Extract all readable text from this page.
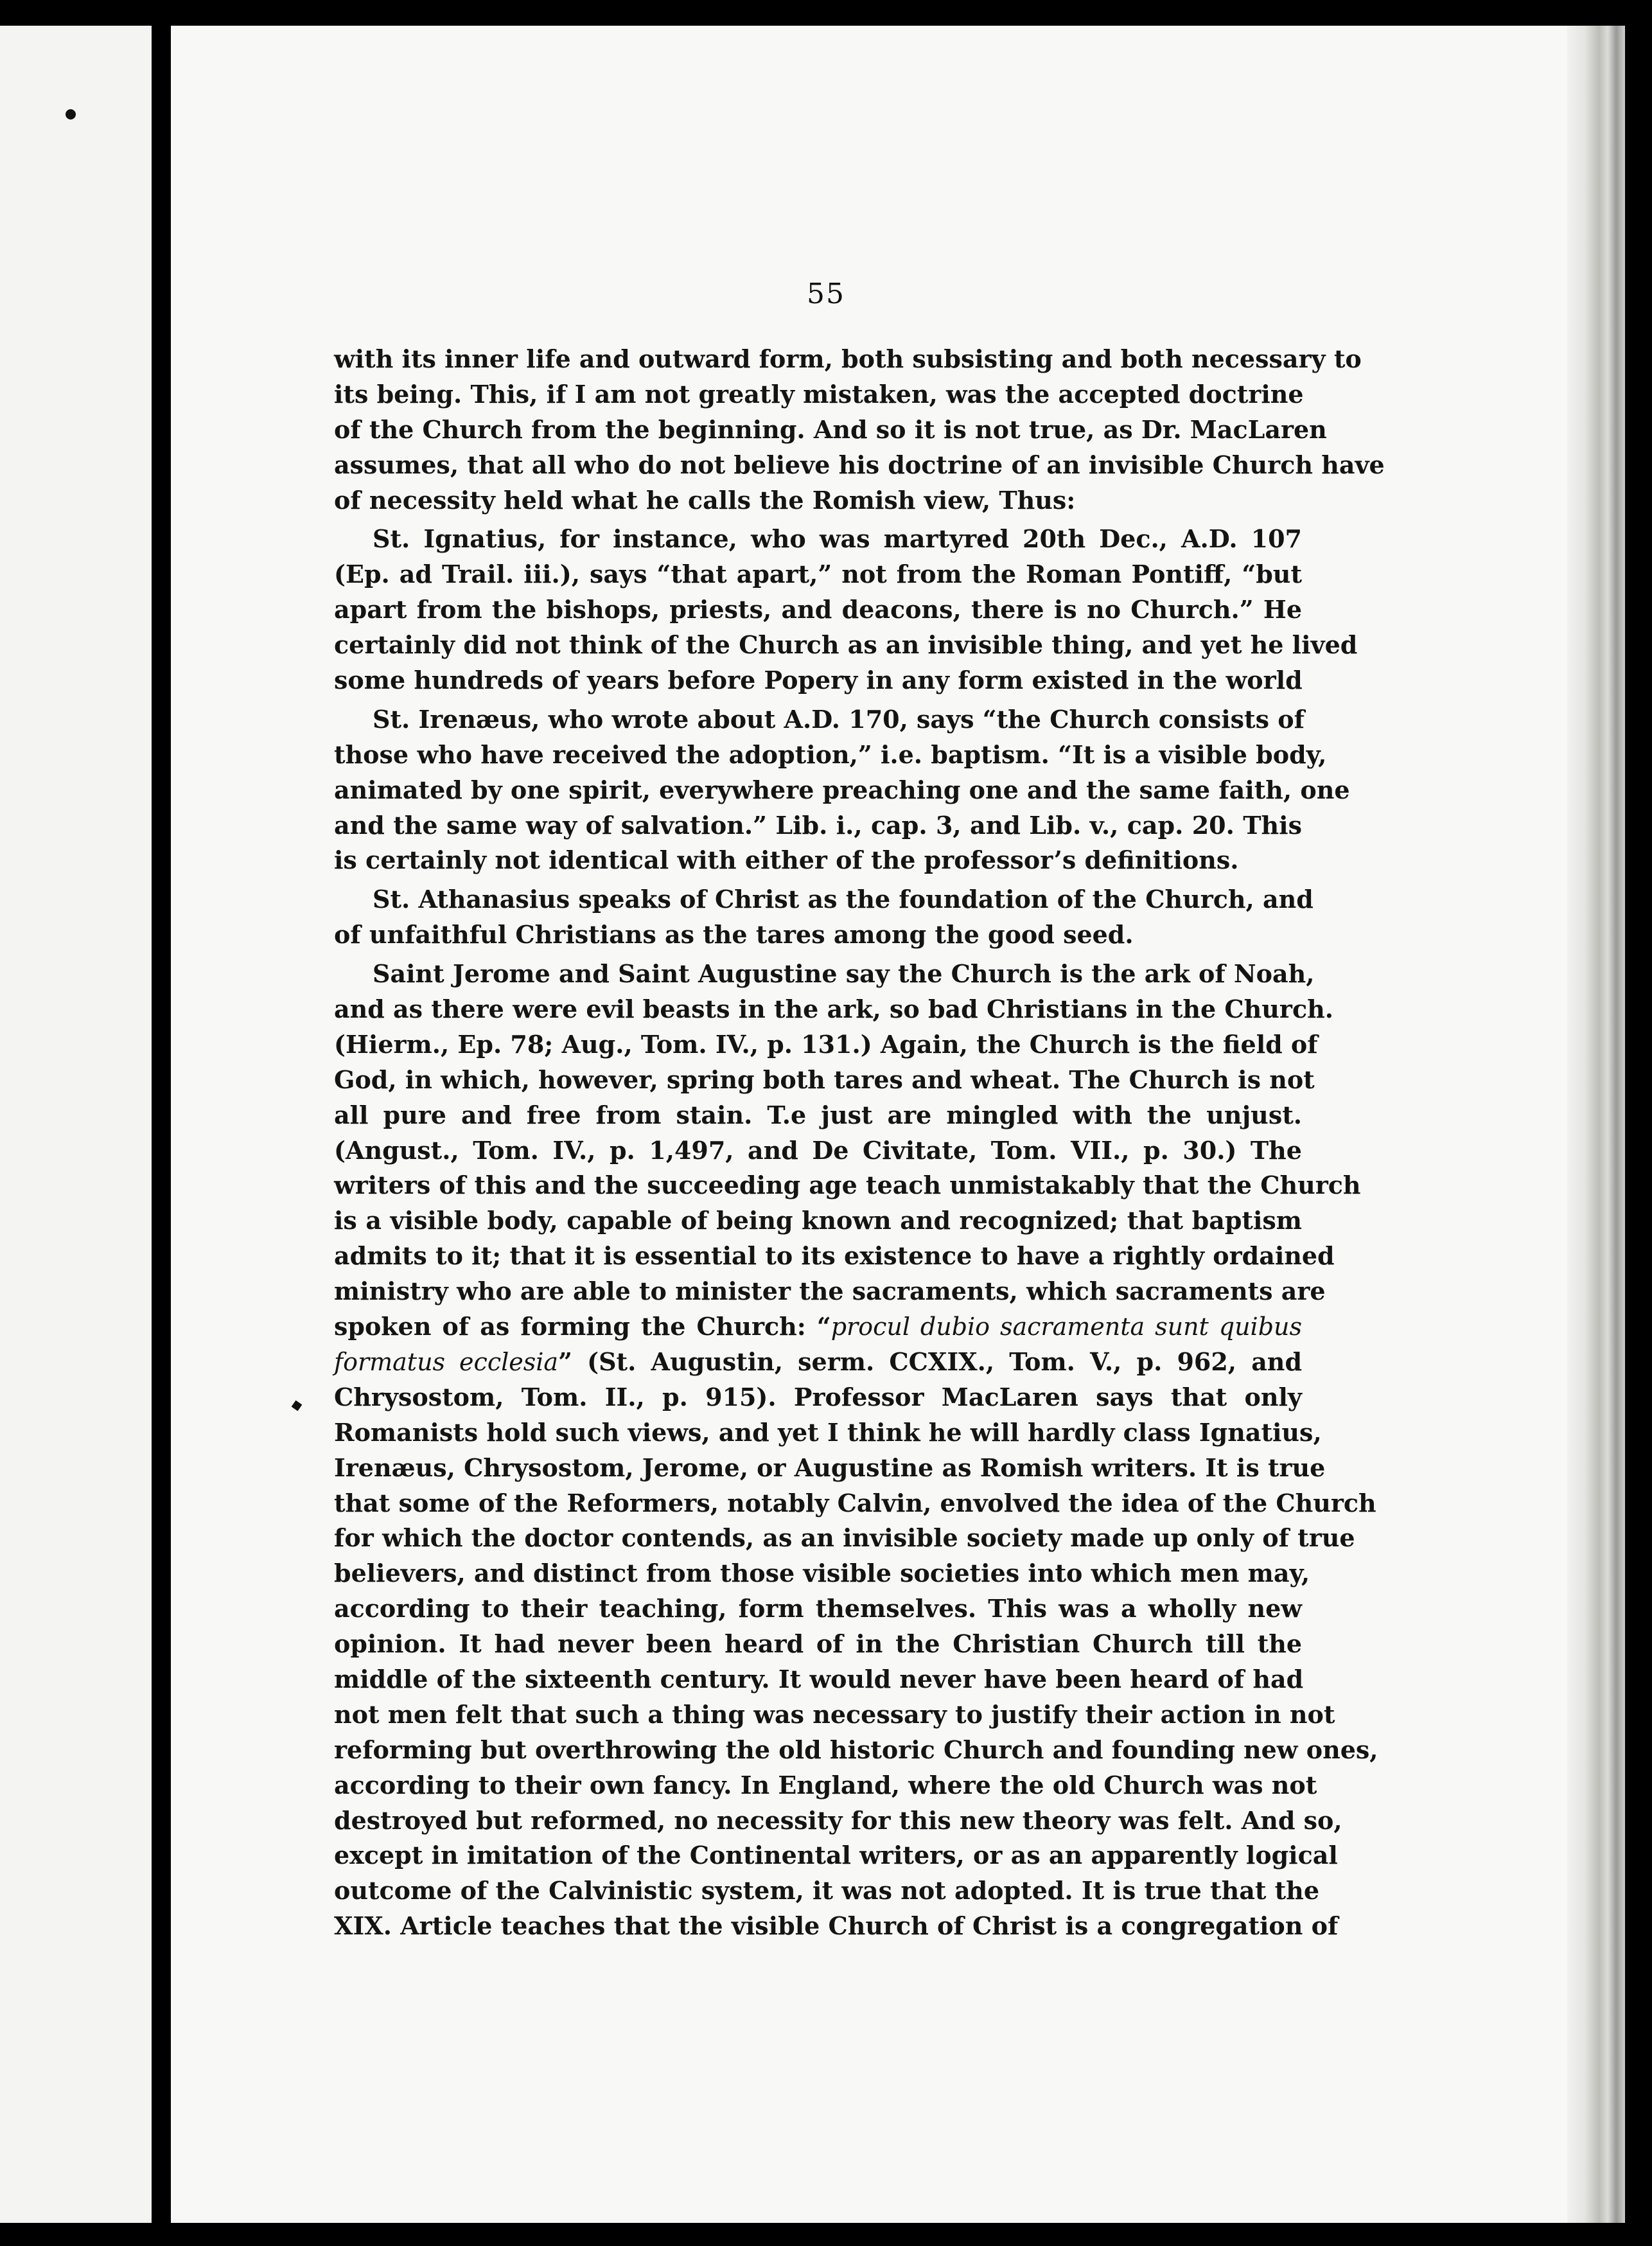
55
with its inner life and outward form, both subsisting and both necessary to
its being. This, if I am not greatly mistaken, was the accepted doctrine
of the Church from the beginning. And so it is not true, as Dr. MacLaren
assumes, that all who do not believe his doctrine of an invisible Church have
of necessity held what he calls the Romish view, Thus:
St. Ignatius, for instance, who was martyred 20th Dec., A.D. 107
(Ep. ad Trail. iii.), says “that apart,” not from the Roman Pontiff, “but
apart from the bishops, priests, and deacons, there is no Church.” He
certainly did not think of the Church as an invisible thing, and yet he lived
some hundreds of years before Popery in any form existed in the world
St. Irenæus, who wrote about A.D. 170, says “the Church consists of
those who have received the adoption,” i.e. baptism. “It is a visible body,
animated by one spirit, everywhere preaching one and the same faith, one
and the same way of salvation.” Lib. i., cap. 3, and Lib. v., cap. 20. This
is certainly not identical with either of the professor’s definitions.
St. Athanasius speaks of Christ as the foundation of the Church, and
of unfaithful Christians as the tares among the good seed.
Saint Jerome and Saint Augustine say the Church is the ark of Noah,
and as there were evil beasts in the ark, so bad Christians in the Church.
(Hierm., Ep. 78; Aug., Tom. IV., p. 131.) Again, the Church is the field of
God, in which, however, spring both tares and wheat. The Church is not
all pure and free from stain. T.e just are mingled with the unjust.
(Angust., Tom. IV., p. 1,497, and De Civitate, Tom. VII., p. 30.) The
writers of this and the succeeding age teach unmistakably that the Church
is a visible body, capable of being known and recognized; that baptism
admits to it; that it is essential to its existence to have a rightly ordained
ministry who are able to minister the sacraments, which sacraments are
spoken of as forming the Church: “procul dubio sacramenta sunt quibus
formatus ecclesia” (St. Augustin, serm. CCXIX., Tom. V., p. 962, and
Chrysostom, Tom. II., p. 915). Professor MacLaren says that only
Romanists hold such views, and yet I think he will hardly class Ignatius,
Irenæus, Chrysostom, Jerome, or Augustine as Romish writers. It is true
that some of the Reformers, notably Calvin, envolved the idea of the Church
for which the doctor contends, as an invisible society made up only of true
believers, and distinct from those visible societies into which men may,
according to their teaching, form themselves. This was a wholly new
opinion. It had never been heard of in the Christian Church till the
middle of the sixteenth century. It would never have been heard of had
not men felt that such a thing was necessary to justify their action in not
reforming but overthrowing the old historic Church and founding new ones,
according to their own fancy. In England, where the old Church was not
destroyed but reformed, no necessity for this new theory was felt. And so,
except in imitation of the Continental writers, or as an apparently logical
outcome of the Calvinistic system, it was not adopted. It is true that the
XIX. Article teaches that the visible Church of Christ is a congregation of
